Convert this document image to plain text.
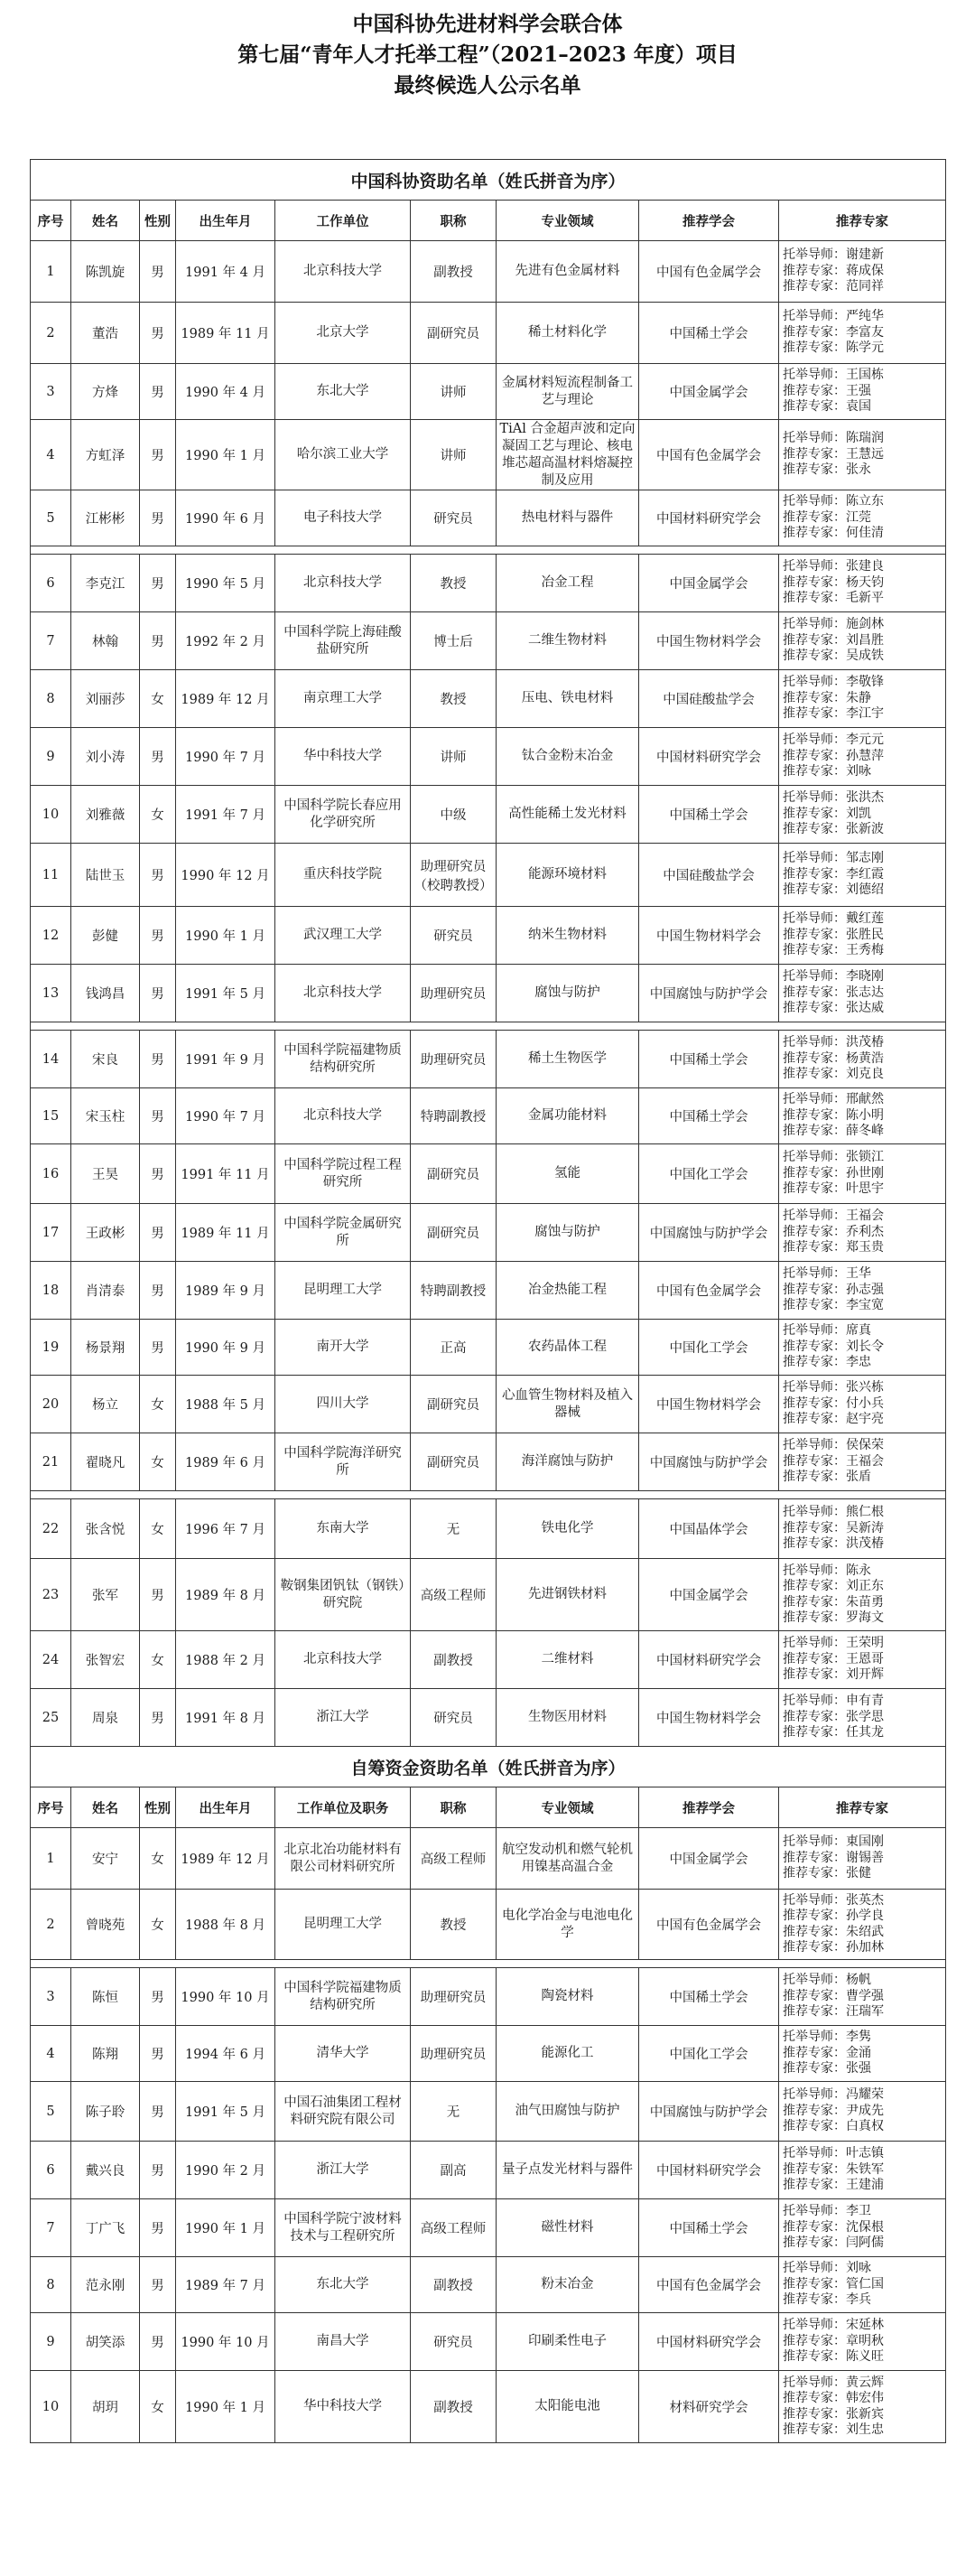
中国科协先进材料学会联合体
第七届“青年人才托举工程”（2021–2023 年度）项目
最终候选人公示名单
中国科协资助名单（姓氏拼音为序）								
序号	姓名	性别	出生年月	工作单位	职称	专业领域	推荐学会	推荐专家
1	陈凯旋	男	1991 年 4 月	北京科技大学	副教授	先进有色金属材料	中国有色金属学会	托举导师：谢建新
推荐专家：蒋成保
推荐专家：范同祥

2	董浩	男	1989 年 11 月	北京大学	副研究员	稀土材料化学	中国稀土学会	托举导师：严纯华
推荐专家：李富友
推荐专家：陈学元

3	方烽	男	1990 年 4 月	东北大学	讲师	金属材料短流程制备工艺与理论	中国金属学会	托举导师：王国栋
推荐专家：王强
推荐专家：袁国

4	方虹泽	男	1990 年 1 月	哈尔滨工业大学	讲师	TiAl 合金超声波和定向凝固工艺与理论、核电堆芯超高温材料熔凝控制及应用	中国有色金属学会	托举导师：陈瑞润
推荐专家：王慧远
推荐专家：张永

5	江彬彬	男	1990 年 6 月	电子科技大学	研究员	热电材料与器件	中国材料研究学会	托举导师：陈立东
推荐专家：江莞
推荐专家：何佳清

6	李克江	男	1990 年 5 月	北京科技大学	教授	冶金工程	中国金属学会	托举导师：张建良
推荐专家：杨天钧
推荐专家：毛新平

7	林翰	男	1992 年 2 月	中国科学院上海硅酸盐研究所	博士后	二维生物材料	中国生物材料学会	托举导师：施剑林
推荐专家：刘昌胜
推荐专家：吴成铁

8	刘丽莎	女	1989 年 12 月	南京理工大学	教授	压电、铁电材料	中国硅酸盐学会	托举导师：李敬锋
推荐专家：朱静
推荐专家：李江宇

9	刘小涛	男	1990 年 7 月	华中科技大学	讲师	钛合金粉末冶金	中国材料研究学会	托举导师：李元元
推荐专家：孙慧萍
推荐专家：刘咏

10	刘雅薇	女	1991 年 7 月	中国科学院长春应用化学研究所	中级	高性能稀土发光材料	中国稀土学会	托举导师：张洪杰
推荐专家：刘凯
推荐专家：张新波

11	陆世玉	男	1990 年 12 月	重庆科技学院	助理研究员（校聘教授）	能源环境材料	中国硅酸盐学会	托举导师：邹志刚
推荐专家：李红霞
推荐专家：刘德绍

12	彭健	男	1990 年 1 月	武汉理工大学	研究员	纳米生物材料	中国生物材料学会	托举导师：戴红莲
推荐专家：张胜民
推荐专家：王秀梅

13	钱鸿昌	男	1991 年 5 月	北京科技大学	助理研究员	腐蚀与防护	中国腐蚀与防护学会	托举导师：李晓刚
推荐专家：张志达
推荐专家：张达威

14	宋良	男	1991 年 9 月	中国科学院福建物质结构研究所	助理研究员	稀土生物医学	中国稀土学会	托举导师：洪茂椿
推荐专家：杨黄浩
推荐专家：刘克良

15	宋玉柱	男	1990 年 7 月	北京科技大学	特聘副教授	金属功能材料	中国稀土学会	托举导师：邢献然
推荐专家：陈小明
推荐专家：薛冬峰

16	王昊	男	1991 年 11 月	中国科学院过程工程研究所	副研究员	氢能	中国化工学会	托举导师：张锁江
推荐专家：孙世刚
推荐专家：叶思宇

17	王政彬	男	1989 年 11 月	中国科学院金属研究所	副研究员	腐蚀与防护	中国腐蚀与防护学会	托举导师：王福会
推荐专家：乔利杰
推荐专家：郑玉贵

18	肖清泰	男	1989 年 9 月	昆明理工大学	特聘副教授	冶金热能工程	中国有色金属学会	托举导师：王华
推荐专家：孙志强
推荐专家：李宝宽

19	杨景翔	男	1990 年 9 月	南开大学	正高	农药晶体工程	中国化工学会	托举导师：席真
推荐专家：刘长令
推荐专家：李忠

20	杨立	女	1988 年 5 月	四川大学	副研究员	心血管生物材料及植入器械	中国生物材料学会	托举导师：张兴栋
推荐专家：付小兵
推荐专家：赵宇亮

21	翟晓凡	女	1989 年 6 月	中国科学院海洋研究所	副研究员	海洋腐蚀与防护	中国腐蚀与防护学会	托举导师：侯保荣
推荐专家：王福会
推荐专家：张盾

22	张含悦	女	1996 年 7 月	东南大学	无	铁电化学	中国晶体学会	托举导师：熊仁根
推荐专家：吴新涛
推荐专家：洪茂椿

23	张军	男	1989 年 8 月	鞍钢集团钒钛（钢铁）研究院	高级工程师	先进钢铁材料	中国金属学会	托举导师：陈永
推荐专家：刘正东
推荐专家：朱苗勇
推荐专家：罗海文

24	张智宏	女	1988 年 2 月	北京科技大学	副教授	二维材料	中国材料研究学会	托举导师：王荣明
推荐专家：王恩哥
推荐专家：刘开辉

25	周泉	男	1991 年 8 月	浙江大学	研究员	生物医用材料	中国生物材料学会	托举导师：申有青
推荐专家：张学思
推荐专家：任其龙

自筹资金资助名单（姓氏拼音为序）								
序号	姓名	性别	出生年月	工作单位及职务	职称	专业领域	推荐学会	推荐专家
1	安宁	女	1989 年 12 月	北京北冶功能材料有限公司材料研究所	高级工程师	航空发动机和燃气轮机用镍基高温合金	中国金属学会	托举导师：東国刚
推荐专家：谢锡善
推荐专家：张健

2	曾晓苑	女	1988 年 8 月	昆明理工大学	教授	电化学冶金与电池电化学	中国有色金属学会	托举导师：张英杰
推荐专家：孙学良
推荐专家：朱绍武
推荐专家：孙加林

3	陈恒	男	1990 年 10 月	中国科学院福建物质结构研究所	助理研究员	陶瓷材料	中国稀土学会	托举导师：杨帆
推荐专家：曹学强
推荐专家：汪瑞军

4	陈翔	男	1994 年 6 月	清华大学	助理研究员	能源化工	中国化工学会	托举导师：李隽
推荐专家：金涌
推荐专家：张强

5	陈子聆	男	1991 年 5 月	中国石油集团工程材料研究院有限公司	无	油气田腐蚀与防护	中国腐蚀与防护学会	托举导师：冯耀荣
推荐专家：尹成先
推荐专家：白真权

6	戴兴良	男	1990 年 2 月	浙江大学	副高	量子点发光材料与器件	中国材料研究学会	托举导师：叶志镇
推荐专家：朱铁军
推荐专家：王建浦

7	丁广飞	男	1990 年 1 月	中国科学院宁波材料技术与工程研究所	高级工程师	磁性材料	中国稀土学会	托举导师：李卫
推荐专家：沈保根
推荐专家：闫阿儒

8	范永刚	男	1989 年 7 月	东北大学	副教授	粉末冶金	中国有色金属学会	托举导师：刘咏
推荐专家：管仁国
推荐专家：李兵

9	胡笑添	男	1990 年 10 月	南昌大学	研究员	印刷柔性电子	中国材料研究学会	托举导师：宋延林
推荐专家：章明秋
推荐专家：陈义旺

10	胡玥	女	1990 年 1 月	华中科技大学	副教授	太阳能电池	材料研究学会	托举导师：黄云辉
推荐专家：韩宏伟
推荐专家：张新宾
推荐专家：刘生忠
